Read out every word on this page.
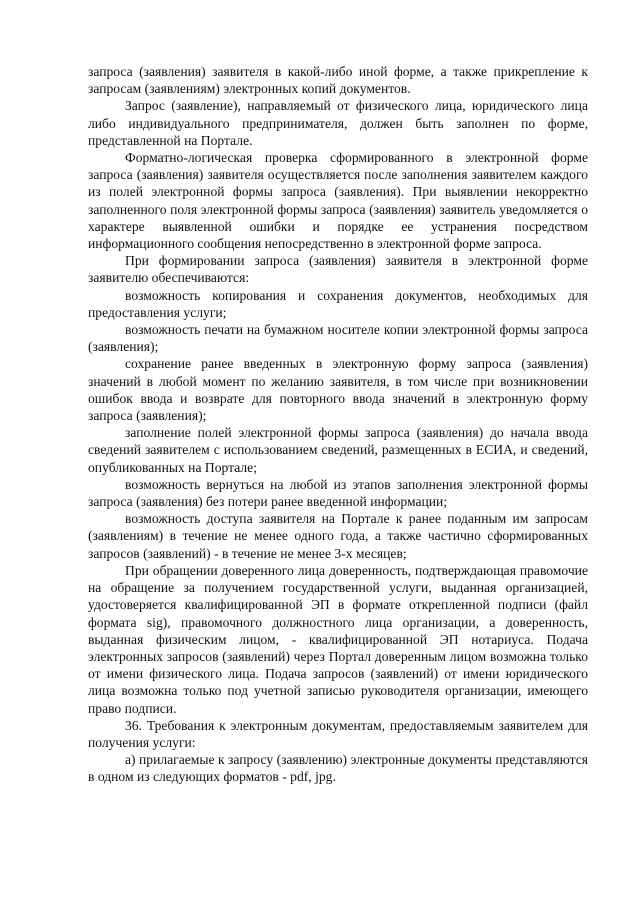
запроса (заявления) заявителя в какой-либо иной форме, а также прикрепление к запросам (заявлениям) электронных копий документов.

Запрос (заявление), направляемый от физического лица, юридического лица либо индивидуального предпринимателя, должен быть заполнен по форме, представленной на Портале.

Форматно-логическая проверка сформированного в электронной форме запроса (заявления) заявителя осуществляется после заполнения заявителем каждого из полей электронной формы запроса (заявления). При выявлении некорректно заполненного поля электронной формы запроса (заявления) заявитель уведомляется о характере выявленной ошибки и порядке ее устранения посредством информационного сообщения непосредственно в электронной форме запроса.

При формировании запроса (заявления) заявителя в электронной форме заявителю обеспечиваются:

возможность копирования и сохранения документов, необходимых для предоставления услуги;

возможность печати на бумажном носителе копии электронной формы запроса (заявления);

сохранение ранее введенных в электронную форму запроса (заявления) значений в любой момент по желанию заявителя, в том числе при возникновении ошибок ввода и возврате для повторного ввода значений в электронную форму запроса (заявления);

заполнение полей электронной формы запроса (заявления) до начала ввода сведений заявителем с использованием сведений, размещенных в ЕСИА, и сведений, опубликованных на Портале;

возможность вернуться на любой из этапов заполнения электронной формы запроса (заявления) без потери ранее введенной информации;

возможность доступа заявителя на Портале к ранее поданным им запросам (заявлениям) в течение не менее одного года, а также частично сформированных запросов (заявлений) - в течение не менее 3-х месяцев;

При обращении доверенного лица доверенность, подтверждающая правомочие на обращение за получением государственной услуги, выданная организацией, удостоверяется квалифицированной ЭП в формате открепленной подписи (файл формата sig), правомочного должностного лица организации, а доверенность, выданная физическим лицом, - квалифицированной ЭП нотариуса. Подача электронных запросов (заявлений) через Портал доверенным лицом возможна только от имени физического лица. Подача запросов (заявлений) от имени юридического лица возможна только под учетной записью руководителя организации, имеющего право подписи.

36. Требования к электронным документам, предоставляемым заявителем для получения услуги:

а) прилагаемые к запросу (заявлению) электронные документы представляются в одном из следующих форматов - pdf, jpg.
